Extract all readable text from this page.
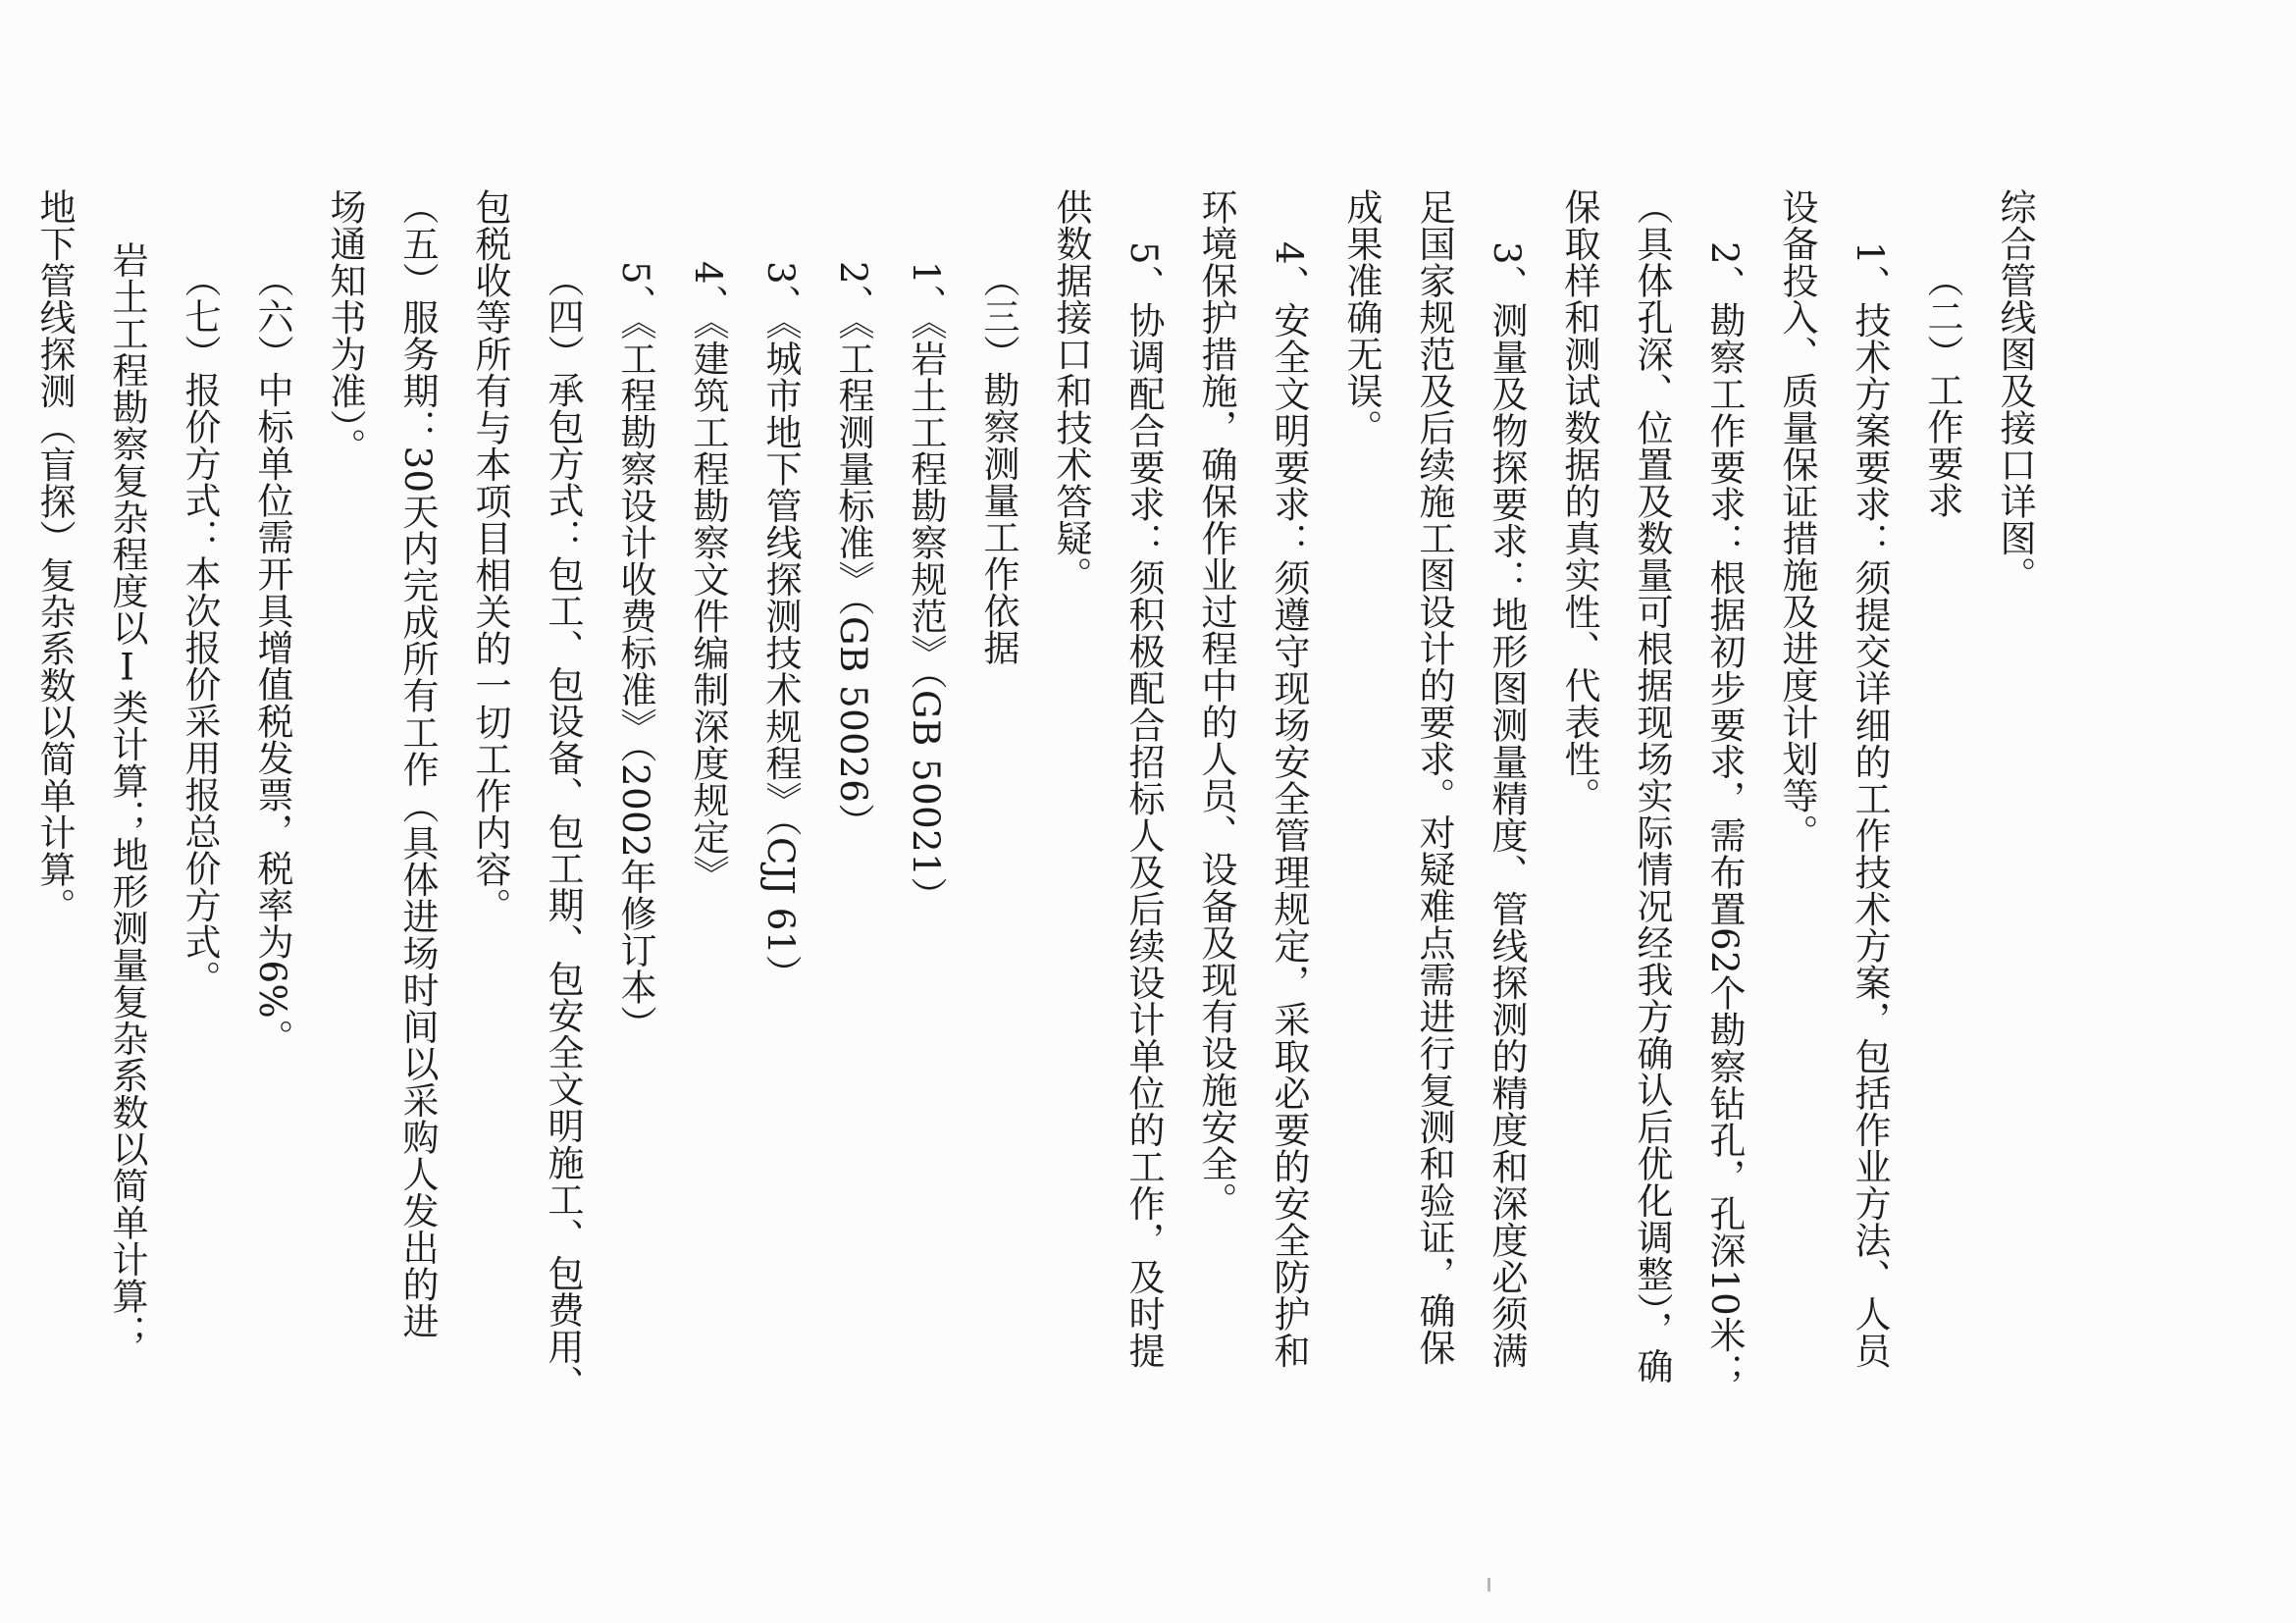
综合管线图及接口详图。

（二）工作要求

1、技术方案要求：须提交详细的工作技术方案，包括作业方法、人员

设备投入、质量保证措施及进度计划等。

2、勘察工作要求：根据初步要求，需布置62个勘察钻孔，孔深10米；

（具体孔深、位置及数量可根据现场实际情况经我方确认后优化调整），确

保取样和测试数据的真实性、代表性。

3、测量及物探要求：地形图测量精度、管线探测的精度和深度必须满

足国家规范及后续施工图设计的要求。对疑难点需进行复测和验证，确保

成果准确无误。

4、安全文明要求：须遵守现场安全管理规定，采取必要的安全防护和

环境保护措施，确保作业过程中的人员、设备及现有设施安全。

5、协调配合要求：须积极配合招标人及后续设计单位的工作，及时提

供数据接口和技术答疑。

（三）勘察测量工作依据

1、《岩土工程勘察规范》（GB 50021）

2、《工程测量标准》（GB 50026）

3、《城市地下管线探测技术规程》（CJJ 61）

4、《建筑工程勘察文件编制深度规定》

5、《工程勘察设计收费标准》（2002年修订本）

（四）承包方式：包工、包设备、包工期、包安全文明施工、包费用、

包税收等所有与本项目相关的一切工作内容。

（五）服务期：30天内完成所有工作（具体进场时间以采购人发出的进

场通知书为准）。

（六）中标单位需开具增值税发票，税率为6%。

（七）报价方式：本次报价采用报总价方式。

岩土工程勘察复杂程度以Ⅰ类计算；地形测量复杂系数以简单计算；

地下管线探测（盲探）复杂系数以简单计算。
